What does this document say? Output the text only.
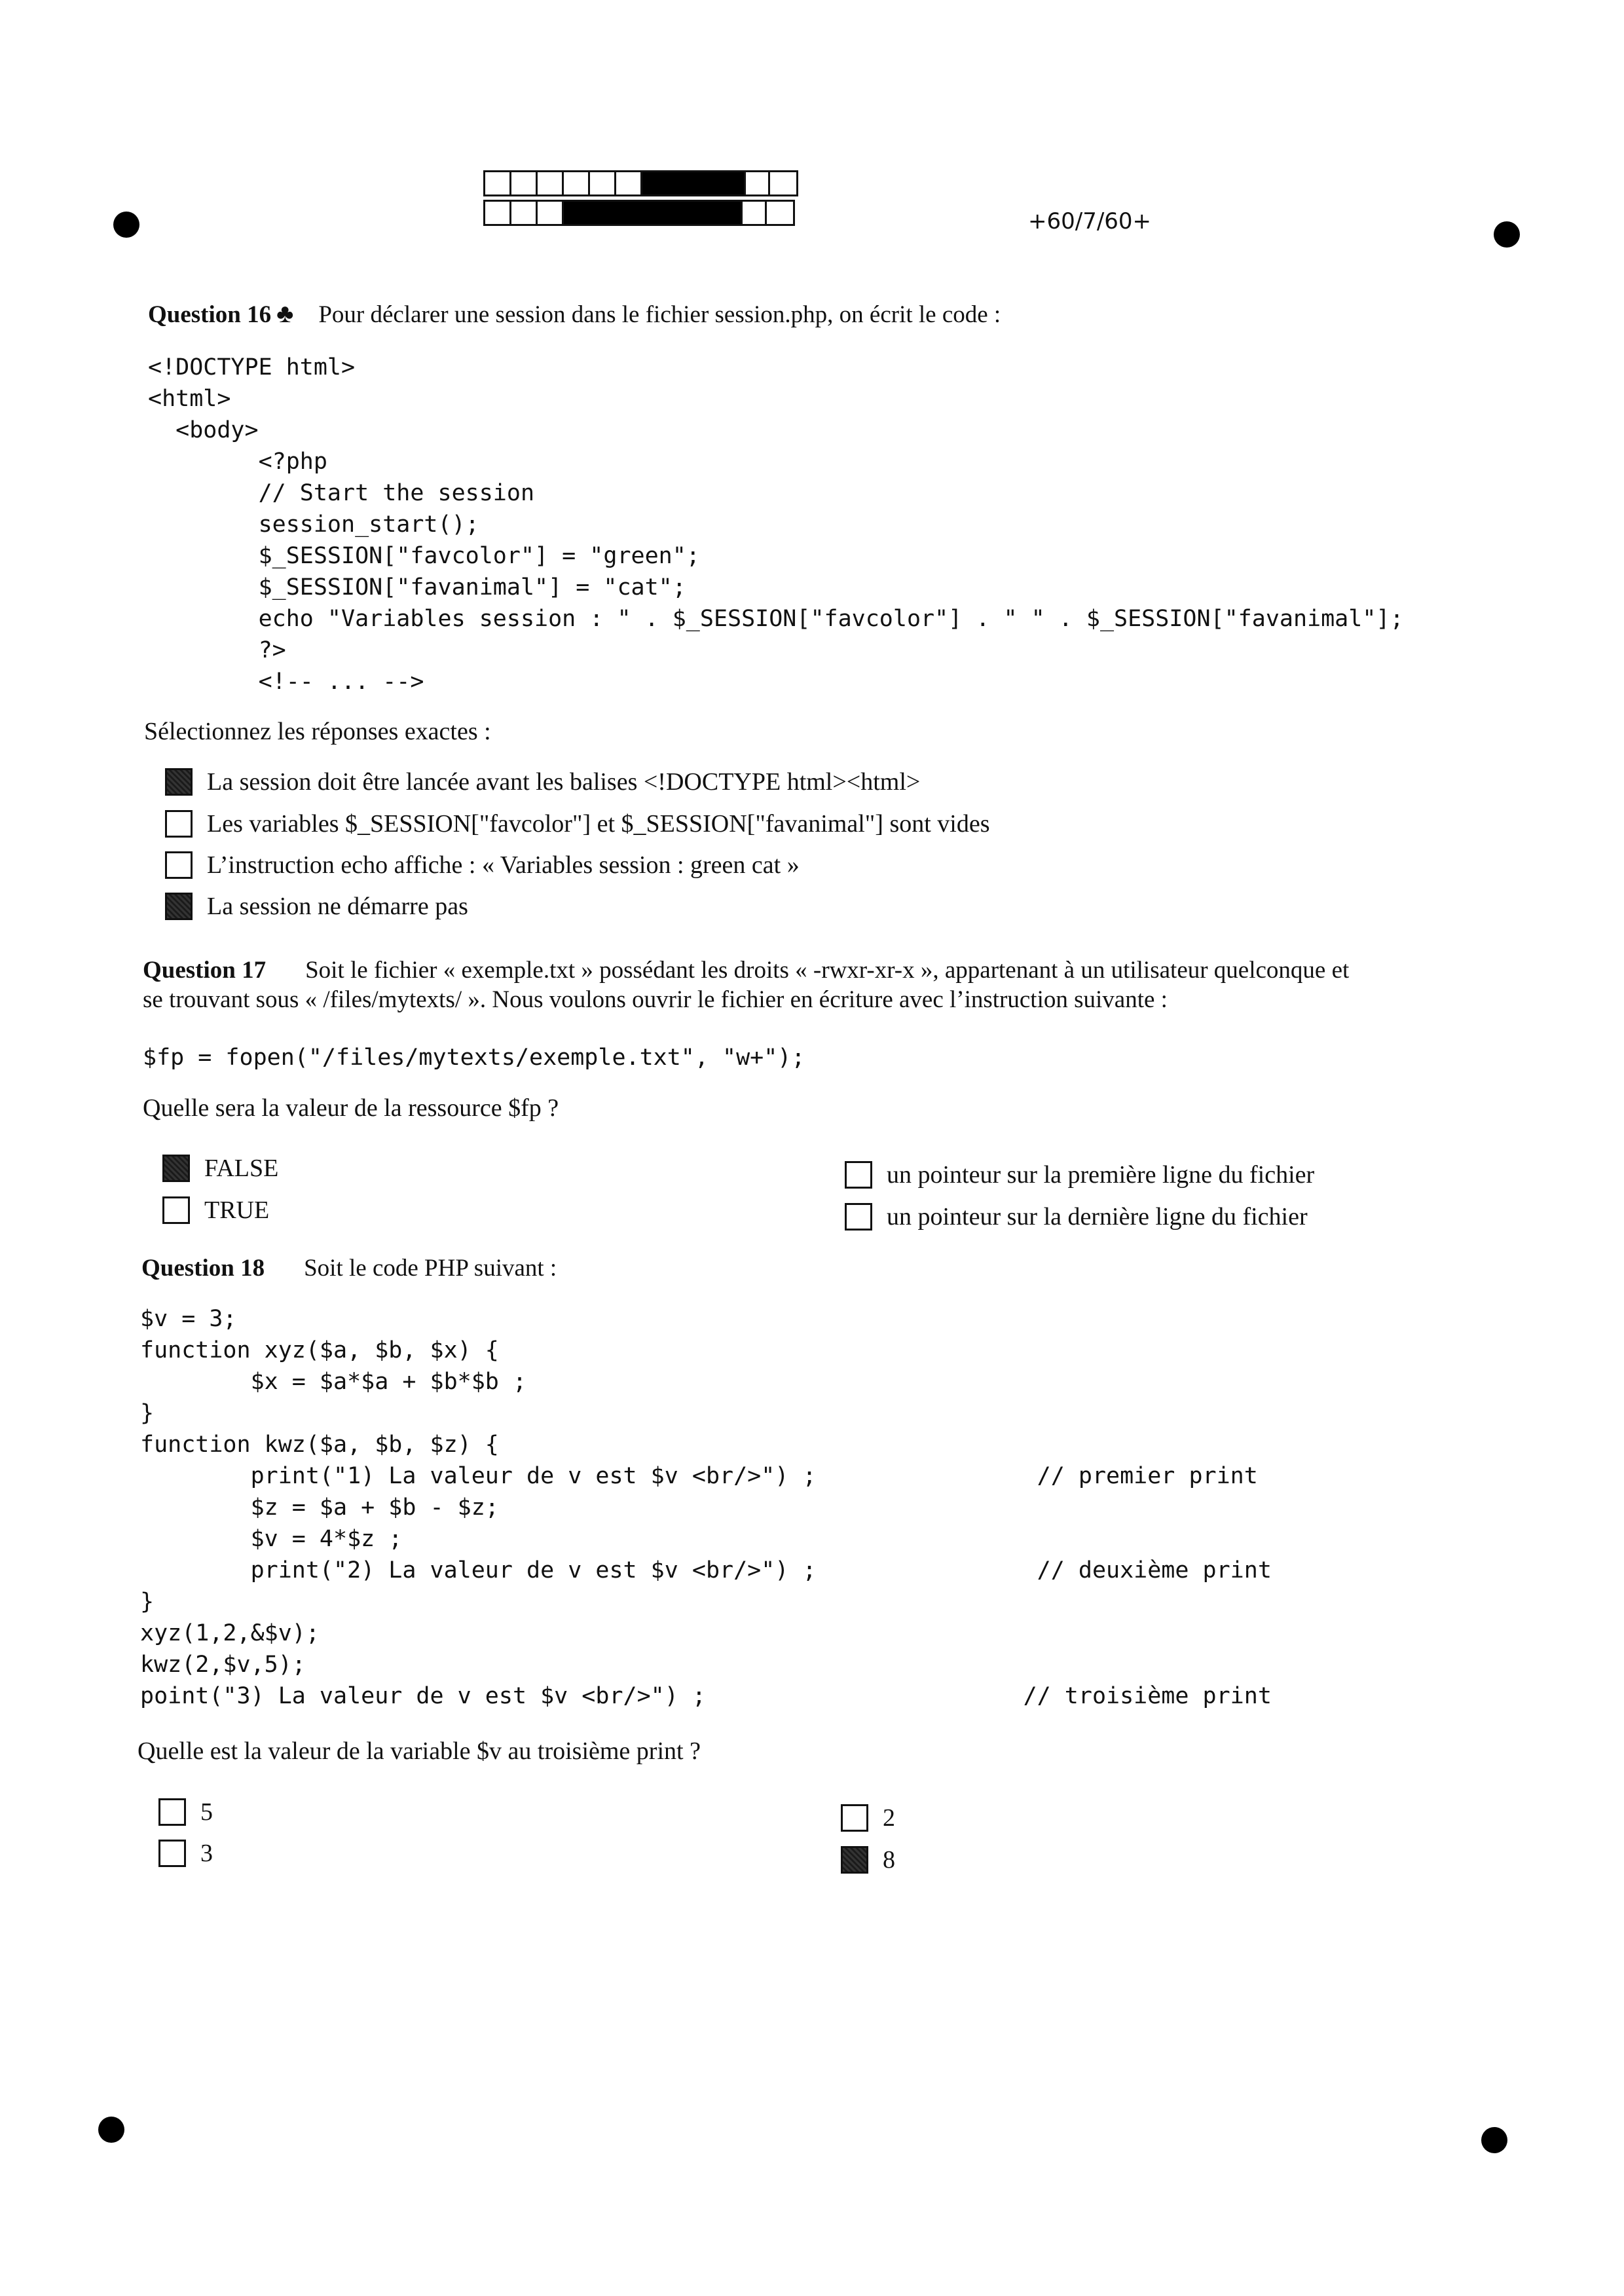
+60/7/60+
Question 16 ♣ Pour déclarer une session dans le fichier session.php, on écrit le code :
<!DOCTYPE html>
<html>
<body>
<?php
// Start the session
session_start();
$_SESSION["favcolor"] = "green";
$_SESSION["favanimal"] = "cat";
echo "Variables session : " . $_SESSION["favcolor"] . " " . $_SESSION["favanimal"];
?>
<!-- ... -->
Sélectionnez les réponses exactes :
La session doit être lancée avant les balises <!DOCTYPE html><html>
Les variables $_SESSION["favcolor"] et $_SESSION["favanimal"] sont vides
L’instruction echo affiche : « Variables session : green cat »
La session ne démarre pas
Question 17 Soit le fichier « exemple.txt » possédant les droits « -rwxr-xr-x », appartenant à un utilisateur quelconque et
se trouvant sous « /files/mytexts/ ». Nous voulons ouvrir le fichier en écriture avec l’instruction suivante :
$fp = fopen("/files/mytexts/exemple.txt", "w+");
Quelle sera la valeur de la ressource $fp ?
FALSE
TRUE
un pointeur sur la première ligne du fichier
un pointeur sur la dernière ligne du fichier
Question 18 Soit le code PHP suivant :
$v = 3;
function xyz($a, $b, $x) {
$x = $a*$a + $b*$b ;
}
function kwz($a, $b, $z) {
print("1) La valeur de v est $v <br/>") ;                // premier print
$z = $a + $b - $z;
$v = 4*$z ;
print("2) La valeur de v est $v <br/>") ;                // deuxième print
}
xyz(1,2,&$v);
kwz(2,$v,5);
point("3) La valeur de v est $v <br/>") ;                       // troisième print
Quelle est la valeur de la variable $v au troisième print ?
5
3
2
8
